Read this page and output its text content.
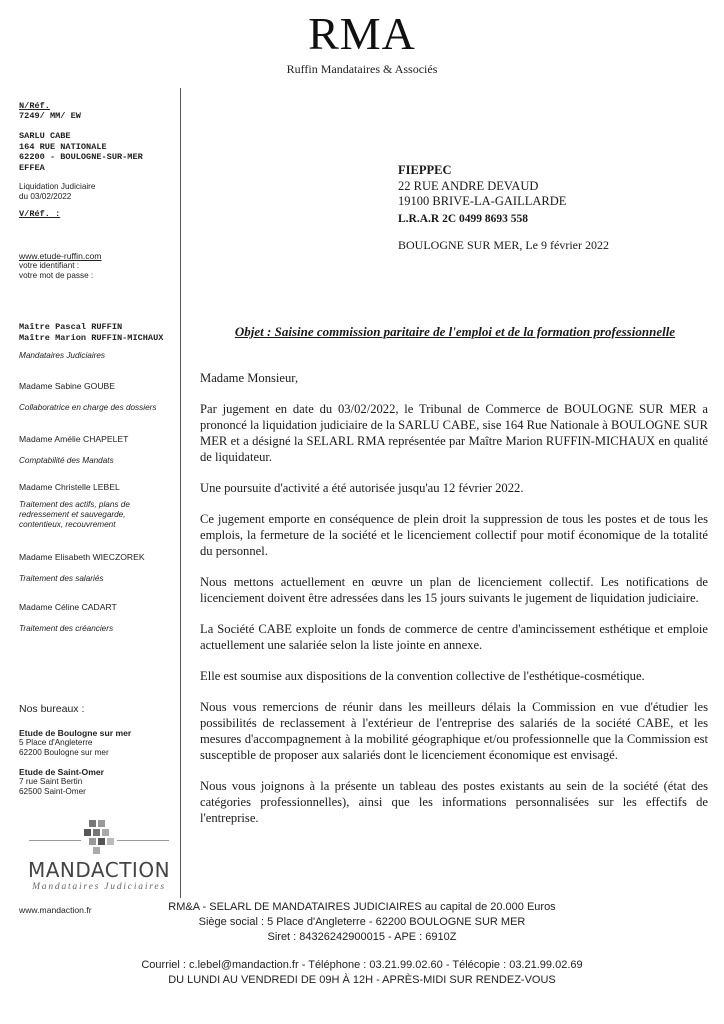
RMA
Ruffin Mandataires & Associés
N/Réf.
7249/ MM/ EW
SARLU CABE
164 RUE NATIONALE
62200 - BOULOGNE-SUR-MER
EFFEA
Liquidation Judiciaire
du 03/02/2022
V/Réf. :
www.etude-ruffin.com
votre identifiant :
votre mot de passe :
Maître Pascal RUFFIN
Maître Marion RUFFIN-MICHAUX
Mandataires Judiciaires
Madame Sabine GOUBE
Collaboratrice en charge des dossiers
Madame Amélie CHAPELET
Comptabilité des Mandats
Madame Christelle LEBEL
Traitement des actifs, plans de redressement et sauvegarde, contentieux, recouvrement
Madame Elisabeth WIECZOREK
Traitement des salariés
Madame Céline CADART
Traitement des créanciers
Nos bureaux :
Etude de Boulogne sur mer
5 Place d'Angleterre
62200 Boulogne sur mer
Etude de Saint-Omer
7 rue Saint Bertin
62500 Saint-Omer
MANDACTION
Mandataires Judiciaires
www.mandaction.fr
FIEPPEC
22 RUE ANDRE DEVAUD
19100 BRIVE-LA-GAILLARDE
L.R.A.R 2C 0499 8693 558
BOULOGNE SUR MER, Le 9 février 2022
Objet : Saisine commission paritaire de l'emploi et de la formation professionnelle

Madame Monsieur,

Par jugement en date du 03/02/2022, le Tribunal de Commerce de BOULOGNE SUR MER a prononcé la liquidation judiciaire de la SARLU CABE, sise 164 Rue Nationale à BOULOGNE SUR MER et a désigné la SELARL RMA représentée par Maître Marion RUFFIN-MICHAUX en qualité de liquidateur.

Une poursuite d'activité a été autorisée jusqu'au 12 février 2022.

Ce jugement emporte en conséquence de plein droit la suppression de tous les postes et de tous les emplois, la fermeture de la société et le licenciement collectif pour motif économique de la totalité du personnel.

Nous mettons actuellement en œuvre un plan de licenciement collectif. Les notifications de licenciement doivent être adressées dans les 15 jours suivants le jugement de liquidation judiciaire.

La Société CABE exploite un fonds de commerce de centre d'amincissement esthétique et emploie actuellement une salariée selon la liste jointe en annexe.

Elle est soumise aux dispositions de la convention collective de l'esthétique-cosmétique.

Nous vous remercions de réunir dans les meilleurs délais la Commission en vue d'étudier les possibilités de reclassement à l'extérieur de l'entreprise des salariés de la société CABE, et les mesures d'accompagnement à la mobilité géographique et/ou professionnelle que la Commission est susceptible de proposer aux salariés dont le licenciement économique est envisagé.

Nous vous joignons à la présente un tableau des postes existants au sein de la société (état des catégories professionnelles), ainsi que les informations personnalisées sur les effectifs de l'entreprise.

RM&A - SELARL DE MANDATAIRES JUDICIAIRES au capital de 20.000 Euros
Siège social : 5 Place d'Angleterre - 62200 BOULOGNE SUR MER
Siret : 84326242900015 - APE : 6910Z
Courriel : c.lebel@mandaction.fr - Téléphone : 03.21.99.02.60 - Télécopie : 03.21.99.02.69
DU LUNDI AU VENDREDI DE 09H À 12H - APRÈS-MIDI SUR RENDEZ-VOUS
